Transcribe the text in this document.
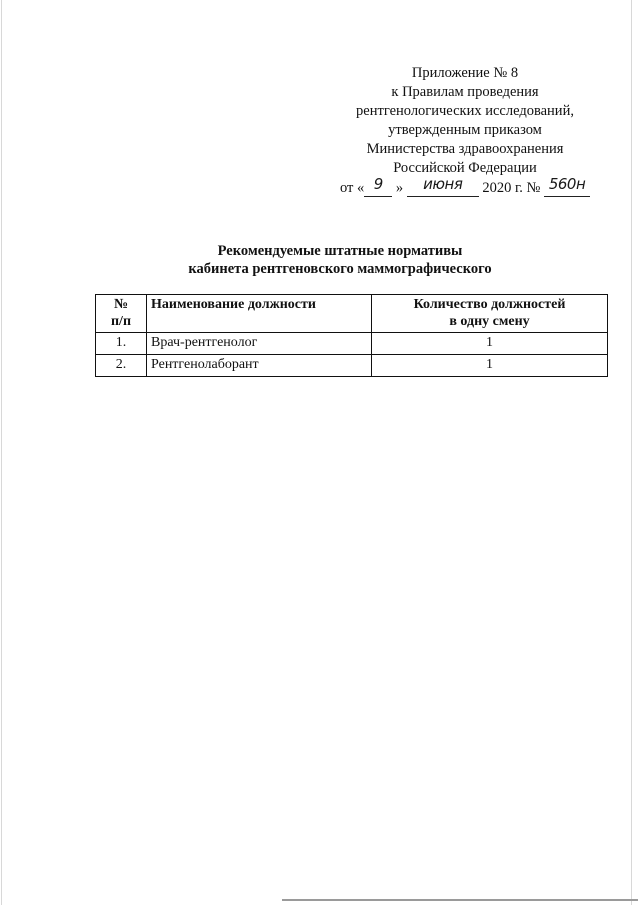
Приложение № 8
к Правилам проведения
рентгенологических исследований,
утвержденным приказом
Министерства здравоохранения
Российской Федерации
от « 9 » июня 2020 г. № 560н
Рекомендуемые штатные нормативы
кабинета рентгеновского маммографического
№
п/п	Наименование должности	Количество должностей
в одну смену

1.	Врач-рентгенолог	1
2.	Рентгенолаборант	1
